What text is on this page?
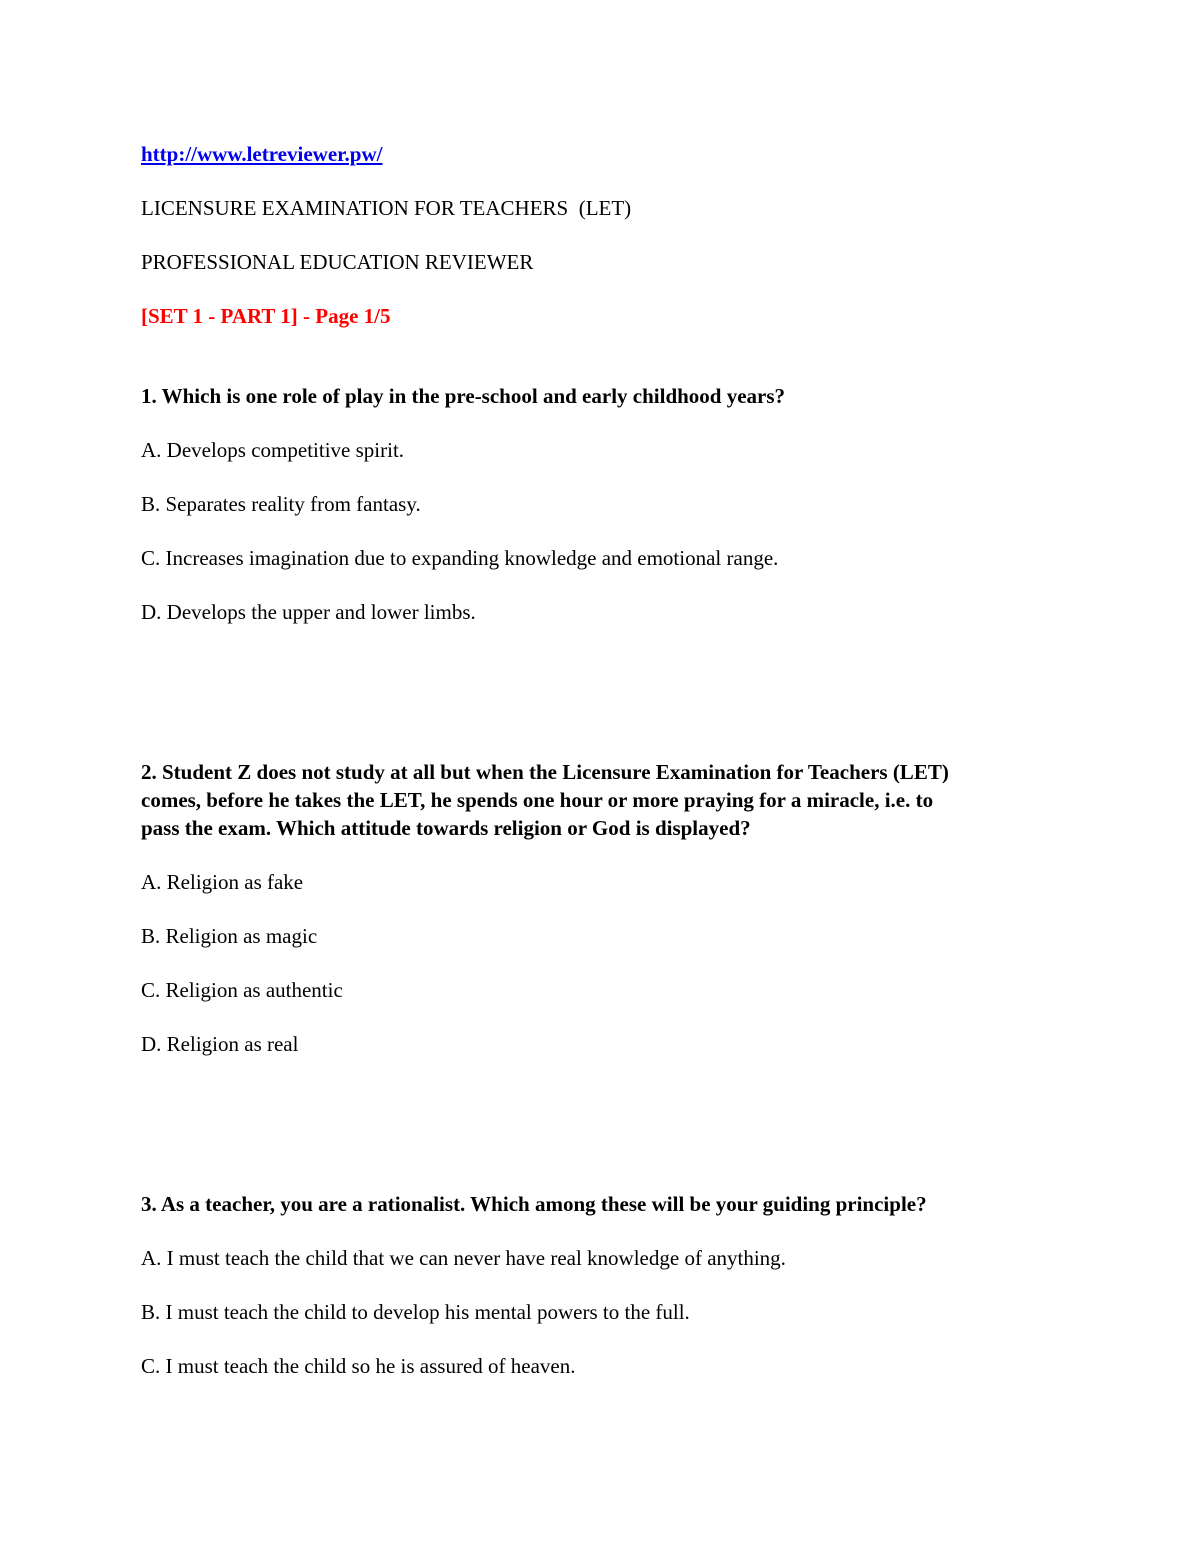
http://www.letreviewer.pw/

LICENSURE EXAMINATION FOR TEACHERS  (LET)

PROFESSIONAL EDUCATION REVIEWER

[SET 1 - PART 1] - Page 1/5

1. Which is one role of play in the pre-school and early childhood years?

A. Develops competitive spirit.

B. Separates reality from fantasy.

C. Increases imagination due to expanding knowledge and emotional range.

D. Develops the upper and lower limbs.

2. Student Z does not study at all but when the Licensure Examination for Teachers (LET)

comes, before he takes the LET, he spends one hour or more praying for a miracle, i.e. to

pass the exam. Which attitude towards religion or God is displayed?

A. Religion as fake

B. Religion as magic

C. Religion as authentic

D. Religion as real

3. As a teacher, you are a rationalist. Which among these will be your guiding principle?

A. I must teach the child that we can never have real knowledge of anything.

B. I must teach the child to develop his mental powers to the full.

C. I must teach the child so he is assured of heaven.
